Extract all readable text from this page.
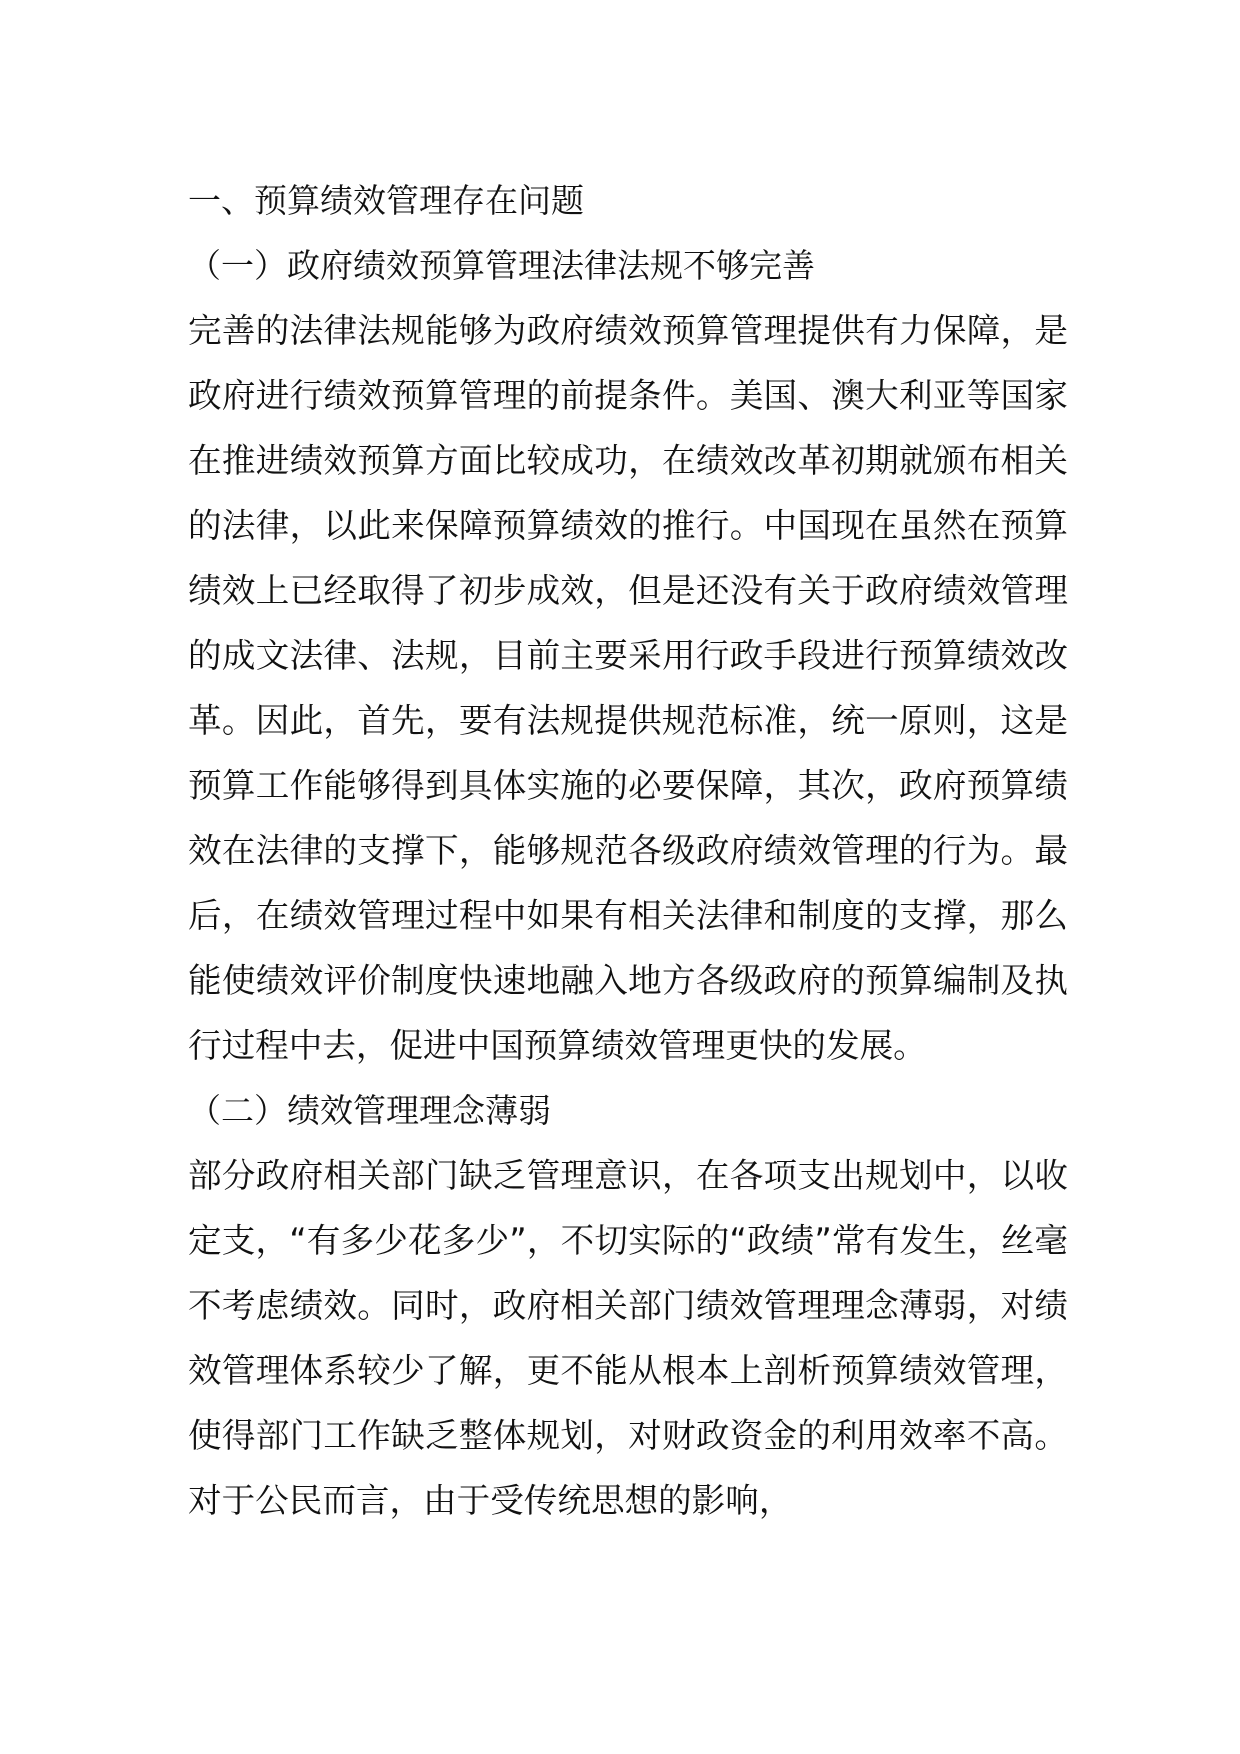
一、预算绩效管理存在问题

（一）政府绩效预算管理法律法规不够完善

完善的法律法规能够为政府绩效预算管理提供有力保障，是政府进行绩效预算管理的前提条件。美国、澳大利亚等国家在推进绩效预算方面比较成功，在绩效改革初期就颁布相关的法律，以此来保障预算绩效的推行。中国现在虽然在预算绩效上已经取得了初步成效，但是还没有关于政府绩效管理的成文法律、法规，目前主要采用行政手段进行预算绩效改革。因此，首先，要有法规提供规范标准，统一原则，这是预算工作能够得到具体实施的必要保障，其次，政府预算绩效在法律的支撑下，能够规范各级政府绩效管理的行为。最后，在绩效管理过程中如果有相关法律和制度的支撑，那么能使绩效评价制度快速地融入地方各级政府的预算编制及执行过程中去，促进中国预算绩效管理更快的发展。

（二）绩效管理理念薄弱

部分政府相关部门缺乏管理意识，在各项支出规划中，以收定支，“有多少花多少”，不切实际的“政绩”常有发生，丝毫不考虑绩效。同时，政府相关部门绩效管理理念薄弱，对绩效管理体系较少了解，更不能从根本上剖析预算绩效管理，使得部门工作缺乏整体规划，对财政资金的利用效率不高。对于公民而言，由于受传统思想的影响，
